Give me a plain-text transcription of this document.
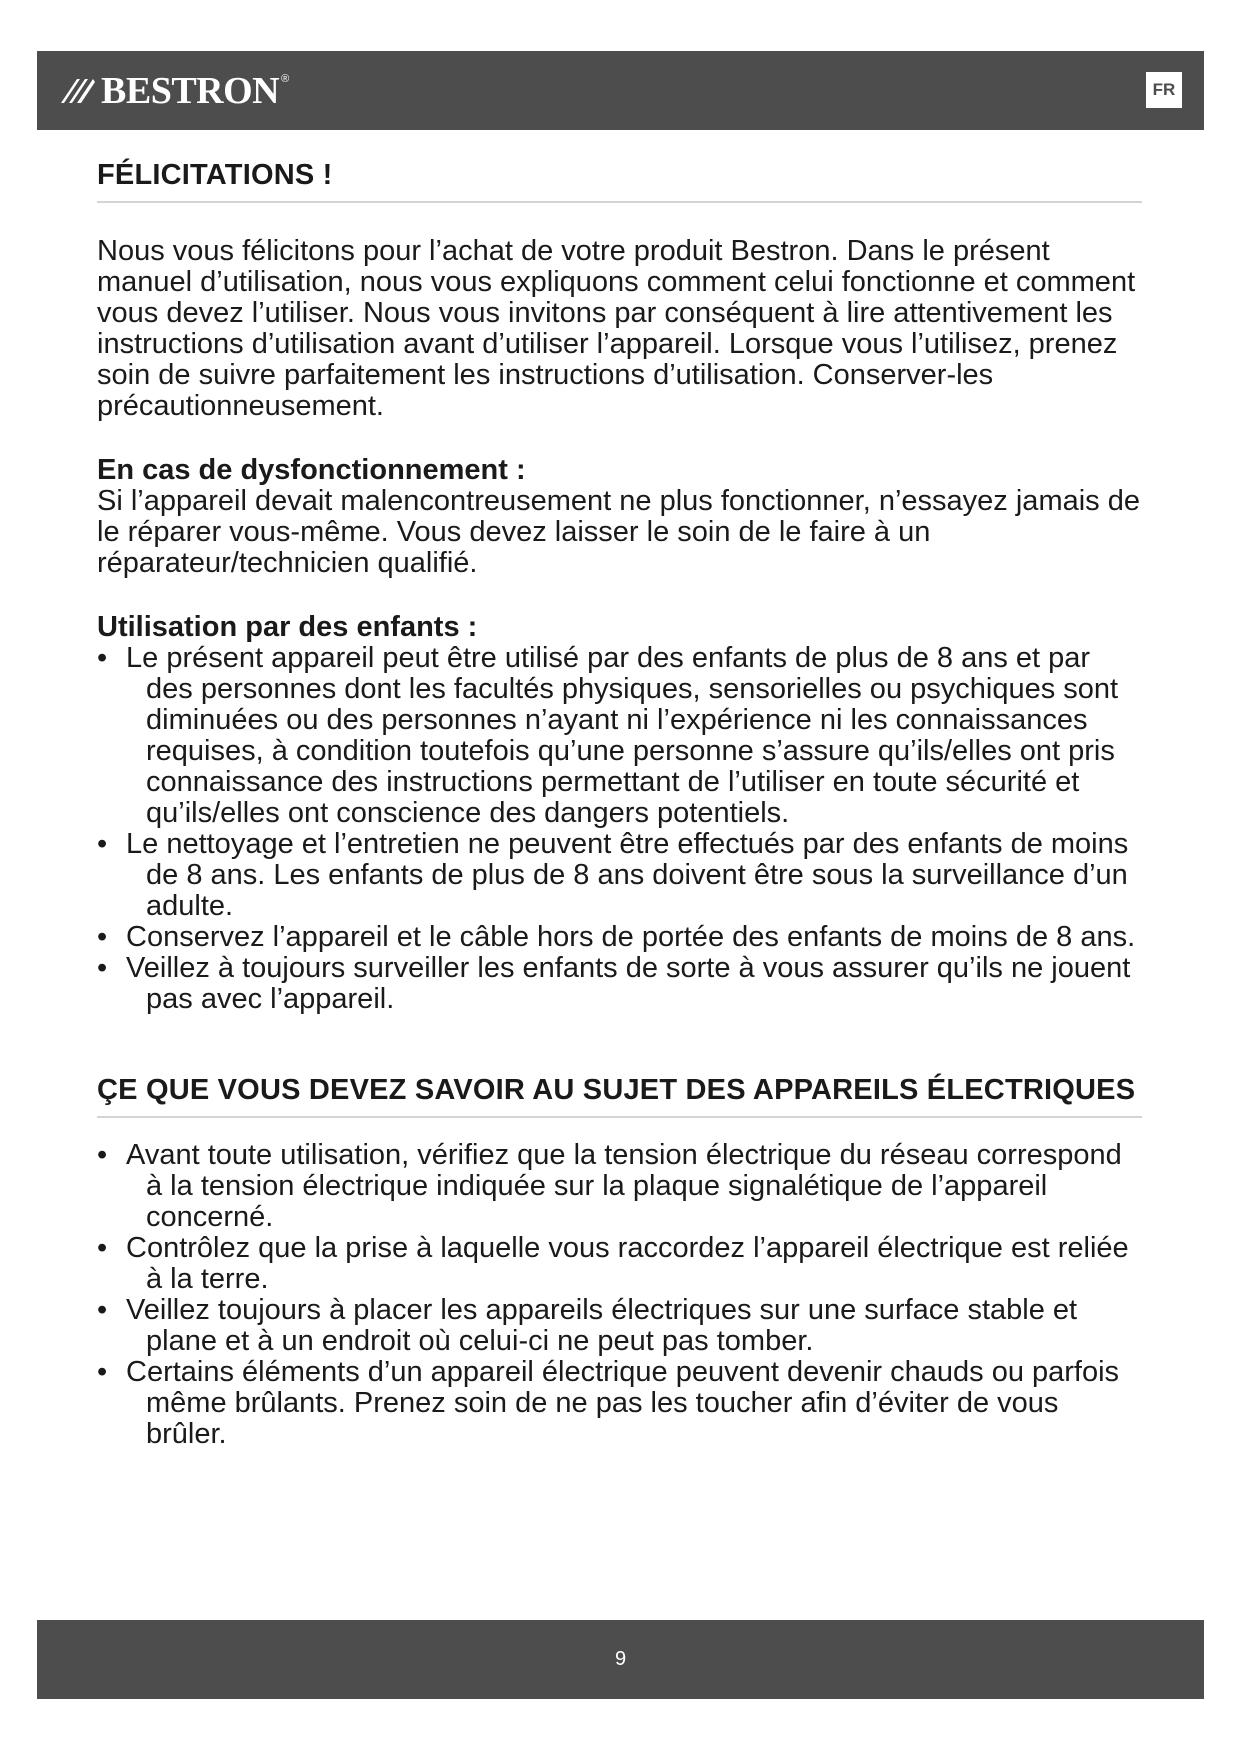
BESTRON ®
FR
FÉLICITATIONS !

Nous vous félicitons pour l’achat de votre produit Bestron. Dans le présent manuel d’utilisation, nous vous expliquons comment celui fonctionne et comment vous devez l’utiliser. Nous vous invitons par conséquent à lire attentivement les instructions d’utilisation avant d’utiliser l’appareil. Lorsque vous l’utilisez, prenez soin de suivre parfaitement les instructions d’utilisation. Conserver-les précautionneusement.

En cas de dysfonctionnement :

Si l’appareil devait malencontreusement ne plus fonctionner, n’essayez jamais de le réparer vous-même. Vous devez laisser le soin de le faire à un réparateur/technicien qualifié.

Utilisation par des enfants :

• Le présent appareil peut être utilisé par des enfants de plus de 8 ans et par des personnes dont les facultés physiques, sensorielles ou psychiques sont diminuées ou des personnes n’ayant ni l’expérience ni les connaissances requises, à condition toutefois qu’une personne s’assure qu’ils/elles ont pris connaissance des instructions permettant de l’utiliser en toute sécurité et qu’ils/elles ont conscience des dangers potentiels.
• Le nettoyage et l’entretien ne peuvent être effectués par des enfants de moins de 8 ans. Les enfants de plus de 8 ans doivent être sous la surveillance d’un adulte.
• Conservez l’appareil et le câble hors de portée des enfants de moins de 8 ans.
• Veillez à toujours surveiller les enfants de sorte à vous assurer qu’ils ne jouent pas avec l’appareil.
ÇE QUE VOUS DEVEZ SAVOIR AU SUJET DES APPAREILS ÉLECTRIQUES
• Avant toute utilisation, vérifiez que la tension électrique du réseau correspond à la tension électrique indiquée sur la plaque signalétique de l’appareil concerné.
• Contrôlez que la prise à laquelle vous raccordez l’appareil électrique est reliée à la terre.
• Veillez toujours à placer les appareils électriques sur une surface stable et plane et à un endroit où celui-ci ne peut pas tomber.
• Certains éléments d’un appareil électrique peuvent devenir chauds ou parfois même brûlants. Prenez soin de ne pas les toucher afin d’éviter de vous brûler.
9
